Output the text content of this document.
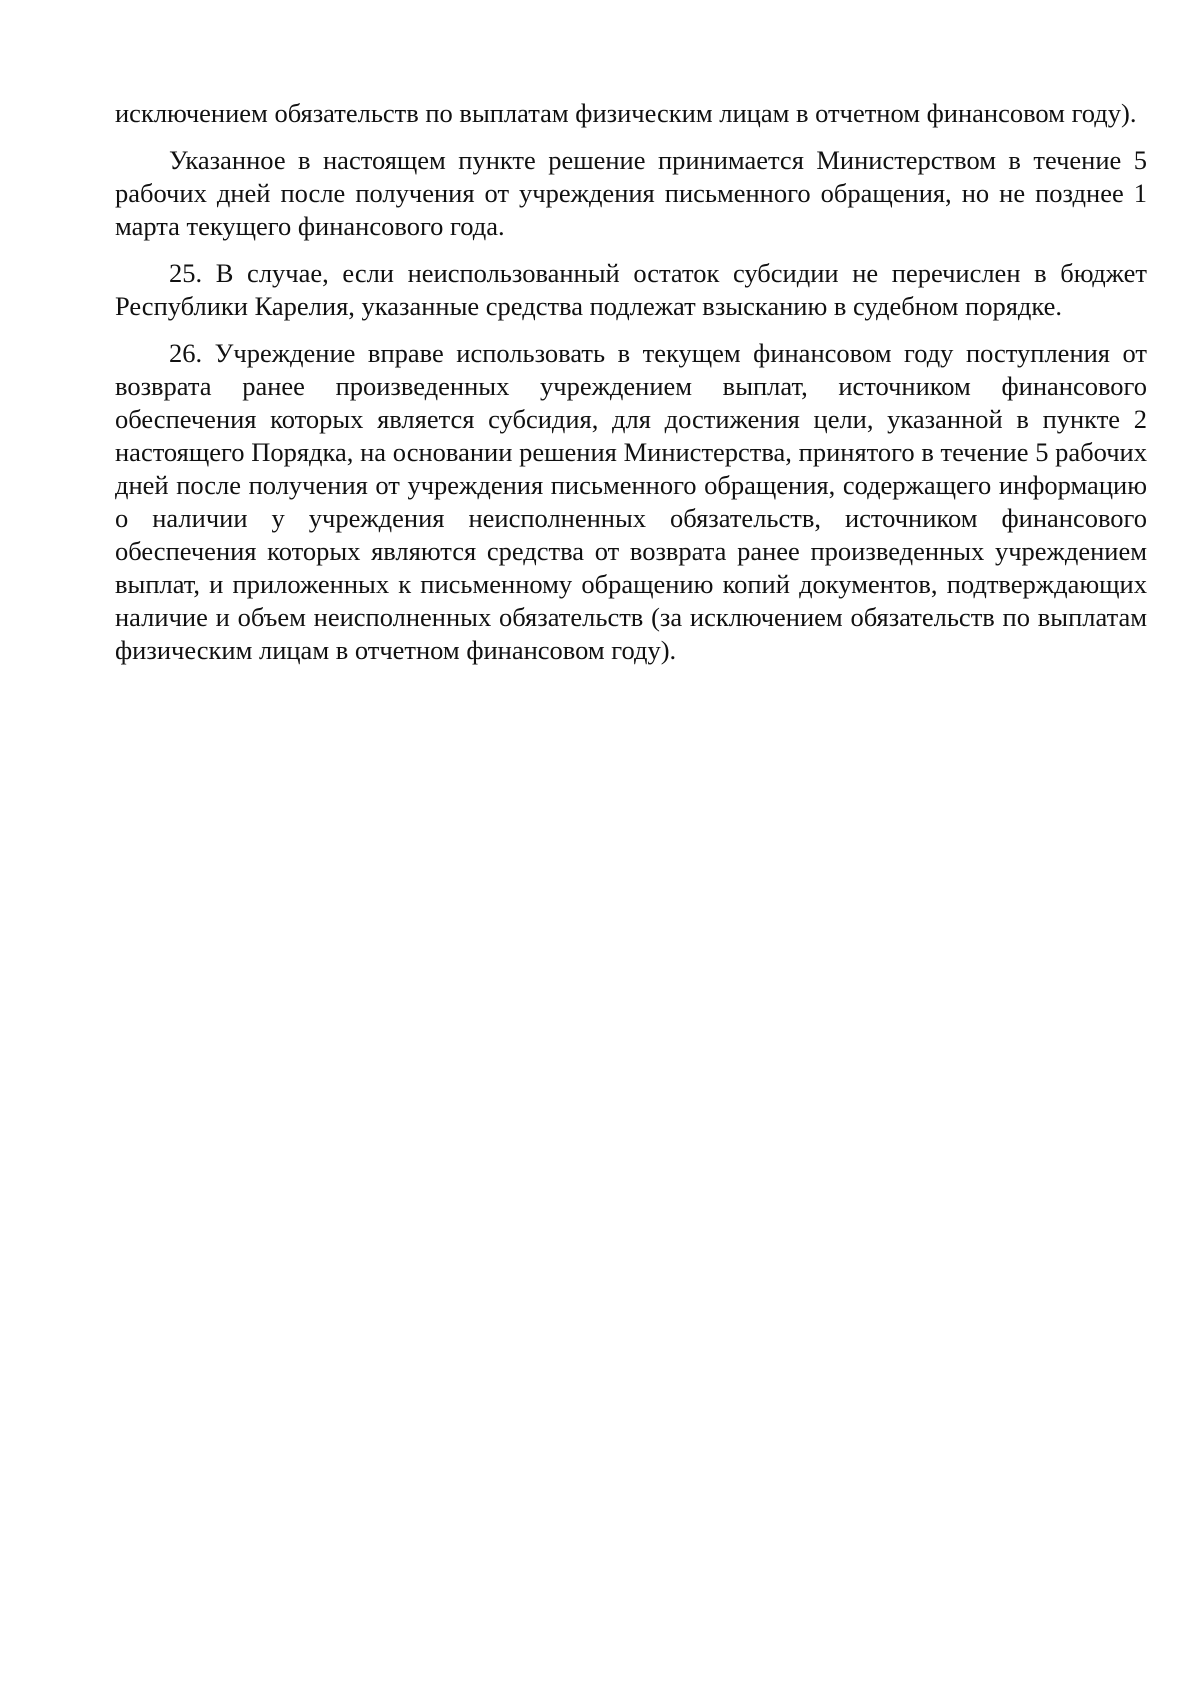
исключением обязательств по выплатам физическим лицам в отчетном финансовом году).

Указанное в настоящем пункте решение принимается Министерством в течение 5 рабочих дней после получения от учреждения письменного обращения, но не позднее 1 марта текущего финансового года.

25. В случае, если неиспользованный остаток субсидии не перечислен в бюджет Республики Карелия, указанные средства подлежат взысканию в судебном порядке.

26. Учреждение вправе использовать в текущем финансовом году поступления от возврата ранее произведенных учреждением выплат, источником финансового обеспечения которых является субсидия, для достижения цели, указанной в пункте 2 настоящего Порядка, на основании решения Министерства, принятого в течение 5 рабочих дней после получения от учреждения письменного обращения, содержащего информацию о наличии у учреждения неисполненных обязательств, источником финансового обеспечения которых являются средства от возврата ранее произведенных учреждением выплат, и приложенных к письменному обращению копий документов, подтверждающих наличие и объем неисполненных обязательств (за исключением обязательств по выплатам физическим лицам в отчетном финансовом году).
